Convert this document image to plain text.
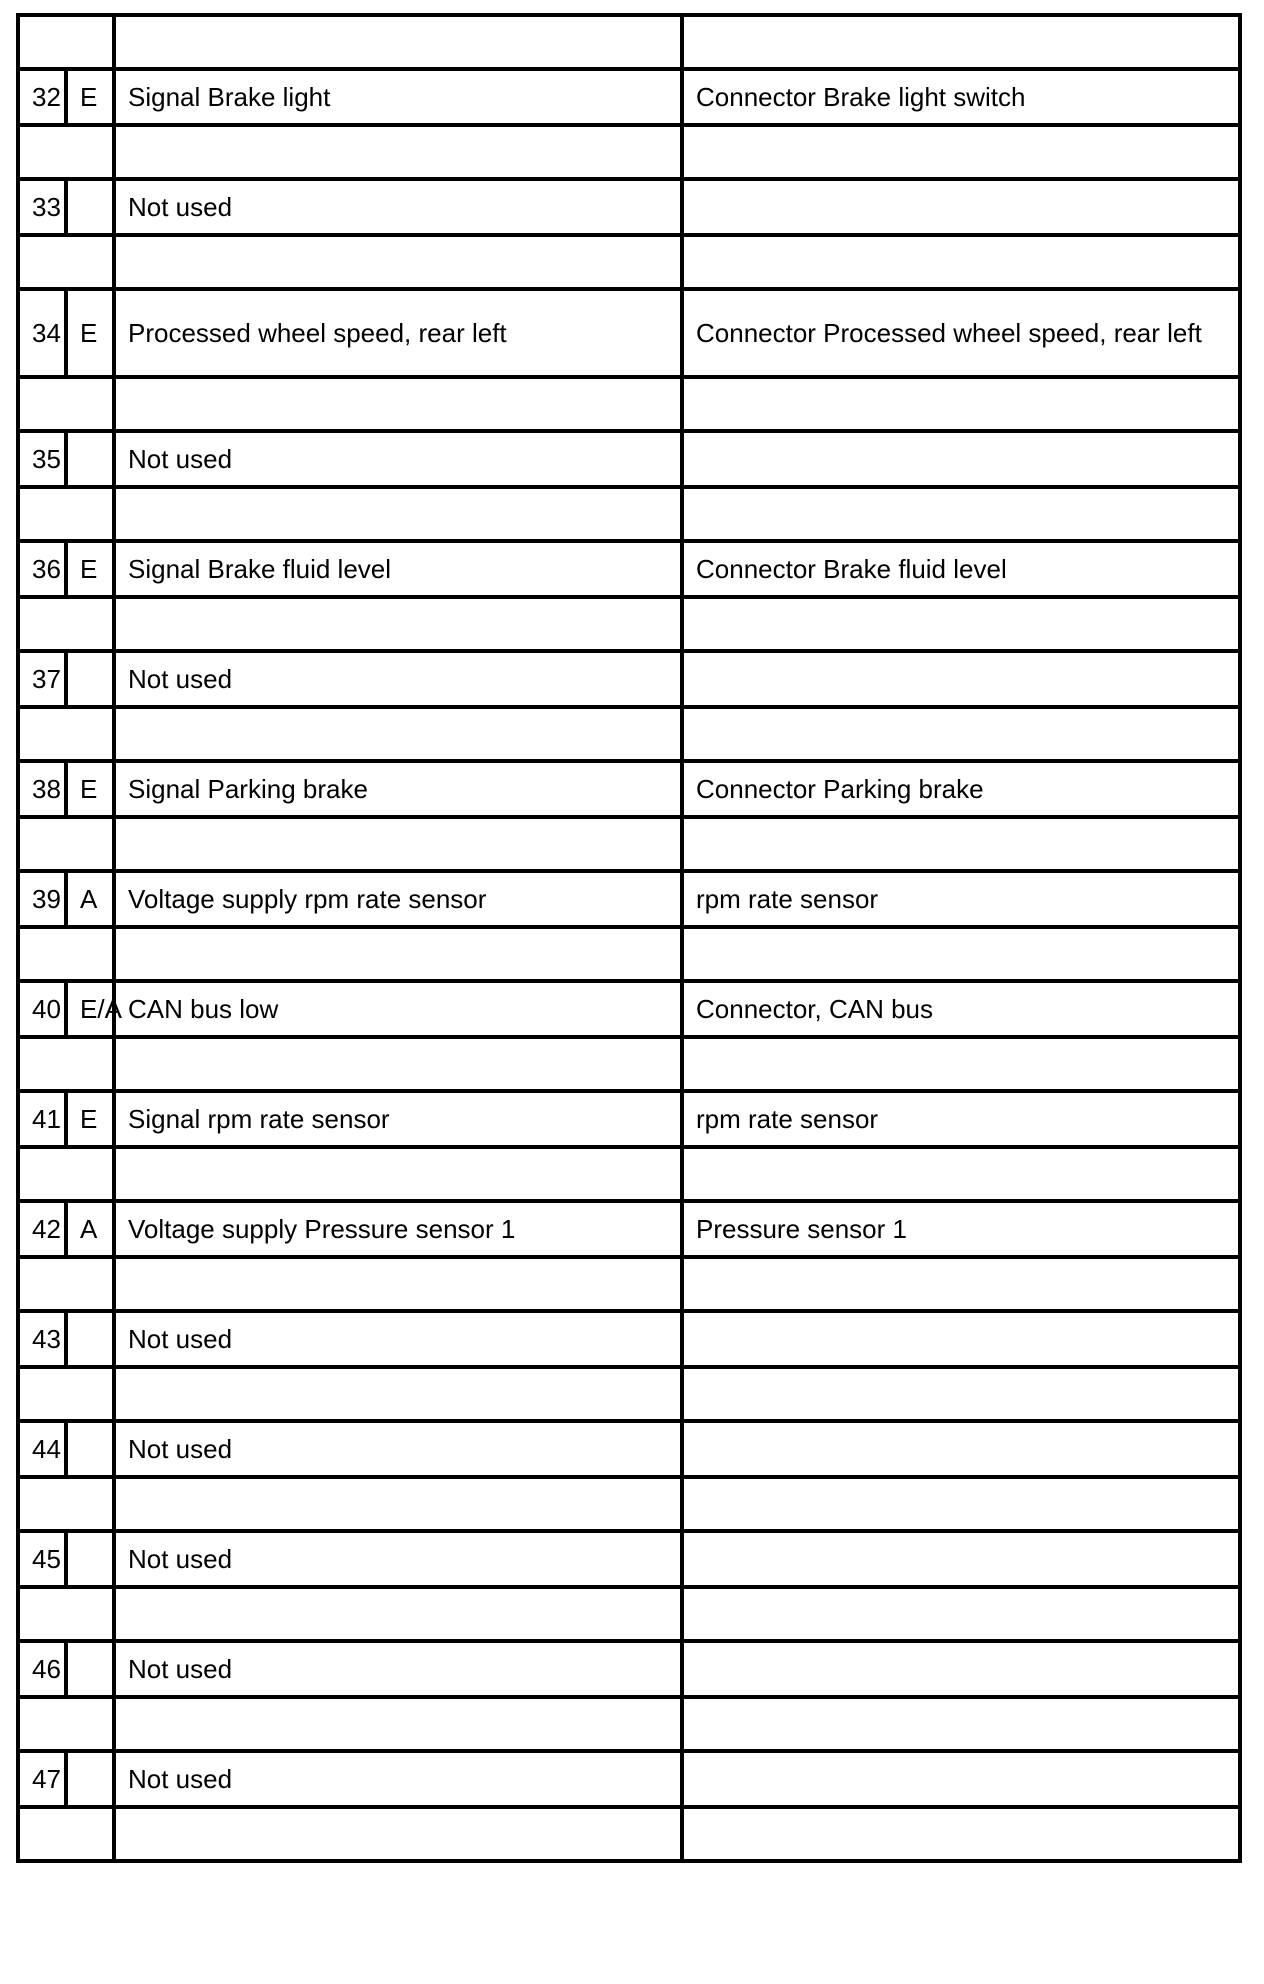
32	E	Signal Brake light	Connector Brake light switch

33		Not used	

34	E	Processed wheel speed, rear left	Connector Processed wheel speed, rear left

35		Not used	

36	E	Signal Brake fluid level	Connector Brake fluid level

37		Not used	

38	E	Signal Parking brake	Connector Parking brake

39	A	Voltage supply rpm rate sensor	rpm rate sensor

40	E/A	CAN bus low	Connector, CAN bus

41	E	Signal rpm rate sensor	rpm rate sensor

42	A	Voltage supply Pressure sensor 1	Pressure sensor 1

43		Not used	

44		Not used	

45		Not used	

46		Not used	

47		Not used	
